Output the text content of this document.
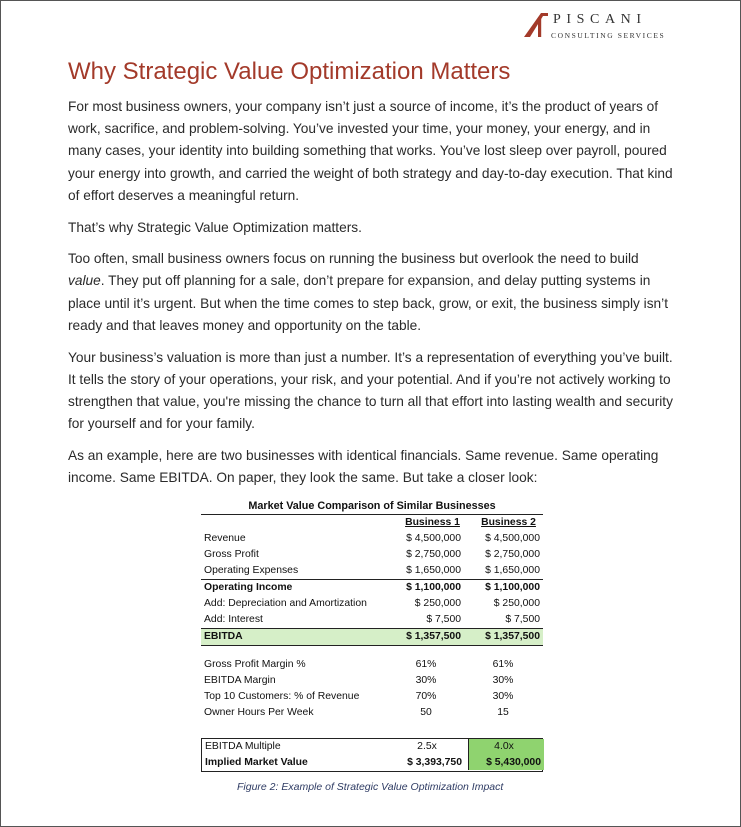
PISCANI
CONSULTING SERVICES
Why Strategic Value Optimization Matters

For most business owners, your company isn’t just a source of income, it’s the product of years of work, sacrifice, and problem-solving. You’ve invested your time, your money, your energy, and in many cases, your identity into building something that works. You’ve lost sleep over payroll, poured your energy into growth, and carried the weight of both strategy and day-to-day execution. That kind of effort deserves a meaningful return.

That’s why Strategic Value Optimization matters.

Too often, small business owners focus on running the business but overlook the need to build value. They put off planning for a sale, don’t prepare for expansion, and delay putting systems in place until it’s urgent. But when the time comes to step back, grow, or exit, the business simply isn’t ready and that leaves money and opportunity on the table.

Your business’s valuation is more than just a number. It’s a representation of everything you’ve built. It tells the story of your operations, your risk, and your potential. And if you’re not actively working to strengthen that value, you're missing the chance to turn all that effort into lasting wealth and security for yourself and for your family.

As an example, here are two businesses with identical financials. Same revenue. Same operating income. Same EBITDA. On paper, they look the same. But take a closer look:

Market Value Comparison of Similar Businesses
Business 1	Business 2
Revenue	$ 4,500,000	$ 4,500,000
Gross Profit	$ 2,750,000	$ 2,750,000
Operating Expenses	$ 1,650,000	$ 1,650,000
Operating Income	$ 1,100,000	$ 1,100,000
Add: Depreciation and Amortization	$ 250,000	$ 250,000
Add: Interest	$ 7,500	$ 7,500
EBITDA	$ 1,357,500	$ 1,357,500
Gross Profit Margin %	61%	61%
EBITDA Margin	30%	30%
Top 10 Customers: % of Revenue	70%	30%
Owner Hours Per Week	50	15
EBITDA Multiple	2.5x	4.0x
Implied Market Value	$ 3,393,750	$ 5,430,000
Figure 2: Example of Strategic Value Optimization Impact
